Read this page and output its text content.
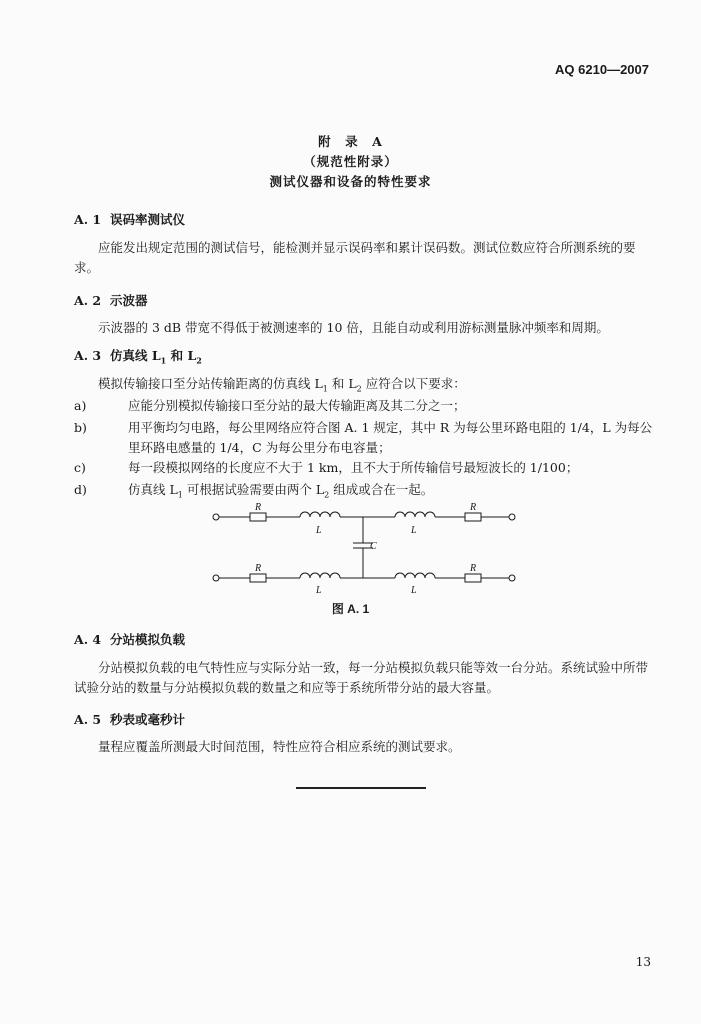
AQ 6210—2007
附　录　A
（规范性附录）
测试仪器和设备的特性要求
A. 1 误码率测试仪
应能发出规定范围的测试信号，能检测并显示误码率和累计误码数。测试位数应符合所测系统的要求。
A. 2 示波器
示波器的 3 dB 带宽不得低于被测速率的 10 倍，且能自动或利用游标测量脉冲频率和周期。
A. 3 仿真线 $L_1$ 和 $L_2$
模拟传输接口至分站传输距离的仿真线 $L_1$ 和 $L_2$ 应符合以下要求：
a)	应能分别模拟传输接口至分站的最大传输距离及其二分之一；
b)	用平衡均匀电路，每公里网络应符合图 A. 1 规定，其中 R 为每公里环路电阻的 1/4，L 为每公里环路电感量的 1/4，C 为每公里分布电容量；
c)	每一段模拟网络的长度应不大于 1 km，且不大于所传输信号最短波长的 1/100；
d)	仿真线 $L_1$ 可根据试验需要由两个 $L_2$ 组成或合在一起。
R
L	L
R
C
R
L	L
R
图 A. 1
A. 4 分站模拟负载
分站模拟负载的电气特性应与实际分站一致，每一分站模拟负载只能等效一台分站。系统试验中所带试验分站的数量与分站模拟负载的数量之和应等于系统所带分站的最大容量。
A. 5 秒表或毫秒计
量程应覆盖所测最大时间范围，特性应符合相应系统的测试要求。
13
